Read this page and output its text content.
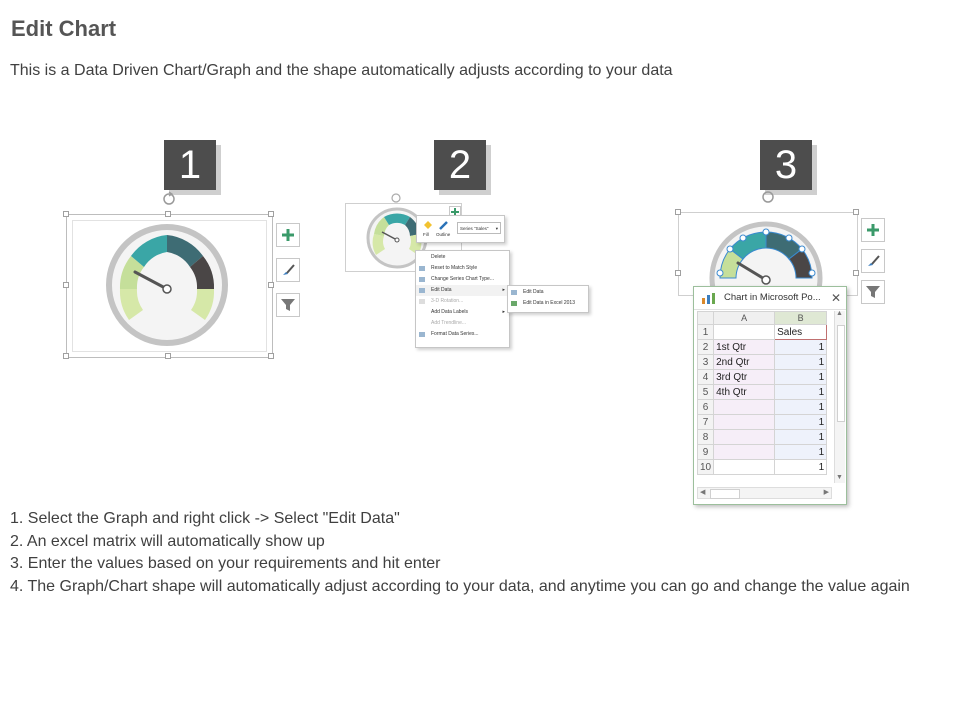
Edit Chart
This is a Data Driven Chart/Graph and the shape automatically adjusts according to your data
1	2	3
Fill Outline
Series "Sales" ▾
Delete
Reset to Match Style
Change Series Chart Type...
Edit Data	▸
3-D Rotation...
Add Data Labels	▸
Add Trendline...
Format Data Series...
Edit Data
Edit Data in Excel 2013	Chart in Microsoft Po... ✕
	A	B
1		Sales
2	1st Qtr	1
3	2nd Qtr	1
4	3rd Qtr	1
5	4th Qtr	1
6		1
7		1
8		1
9		1
10		1
▲
▼
◀	▶
1. Select the Graph and right click -> Select "Edit Data"
2. An excel matrix will automatically show up
3. Enter the values based on your requirements and hit enter
4. The Graph/Chart shape will automatically adjust according to your data, and anytime you can go and change the value again
